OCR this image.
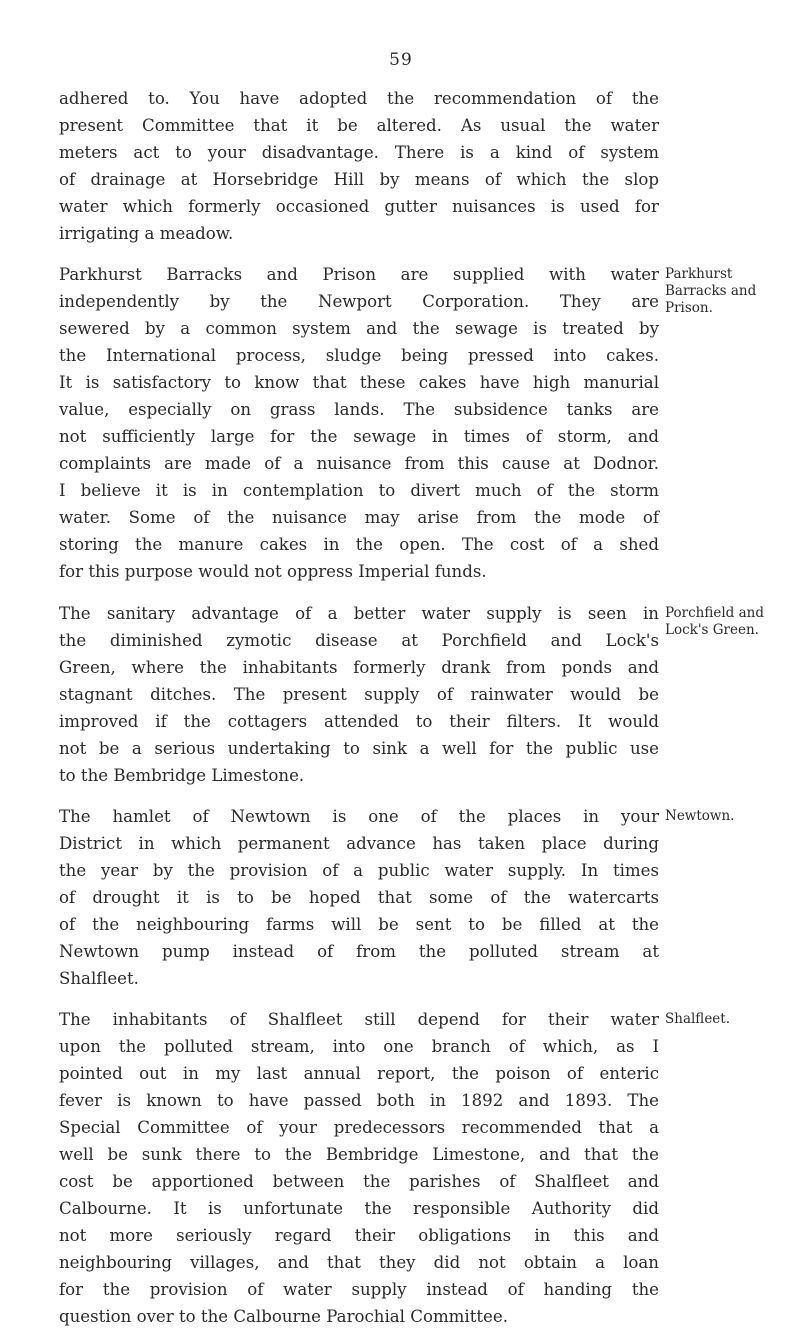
59
adhered to. You have adopted the recommendation of the
present Committee that it be altered. As usual the water
meters act to your disadvantage. There is a kind of system
of drainage at Horsebridge Hill by means of which the slop
water which formerly occasioned gutter nuisances is used for
irrigating a meadow.
Parkhurst Barracks and Prison are supplied with water
independently by the Newport Corporation. They are
sewered by a common system and the sewage is treated by
the International process, sludge being pressed into cakes.
It is satisfactory to know that these cakes have high manurial
value, especially on grass lands. The subsidence tanks are
not sufficiently large for the sewage in times of storm, and
complaints are made of a nuisance from this cause at Dodnor.
I believe it is in contemplation to divert much of the storm
water. Some of the nuisance may arise from the mode of
storing the manure cakes in the open. The cost of a shed
for this purpose would not oppress Imperial funds.
Parkhurst
Barracks and
Prison.
The sanitary advantage of a better water supply is seen in
the diminished zymotic disease at Porchfield and Lock's
Green, where the inhabitants formerly drank from ponds and
stagnant ditches. The present supply of rainwater would be
improved if the cottagers attended to their filters. It would
not be a serious undertaking to sink a well for the public use
to the Bembridge Limestone.
Porchfield and
Lock's Green.
The hamlet of Newtown is one of the places in your
District in which permanent advance has taken place during
the year by the provision of a public water supply. In times
of drought it is to be hoped that some of the watercarts
of the neighbouring farms will be sent to be filled at the
Newtown pump instead of from the polluted stream at
Shalfleet.
Newtown.
The inhabitants of Shalfleet still depend for their water
upon the polluted stream, into one branch of which, as I
pointed out in my last annual report, the poison of enteric
fever is known to have passed both in 1892 and 1893. The
Special Committee of your predecessors recommended that a
well be sunk there to the Bembridge Limestone, and that the
cost be apportioned between the parishes of Shalfleet and
Calbourne. It is unfortunate the responsible Authority did
not more seriously regard their obligations in this and
neighbouring villages, and that they did not obtain a loan
for the provision of water supply instead of handing the
question over to the Calbourne Parochial Committee.
Shalfleet.
